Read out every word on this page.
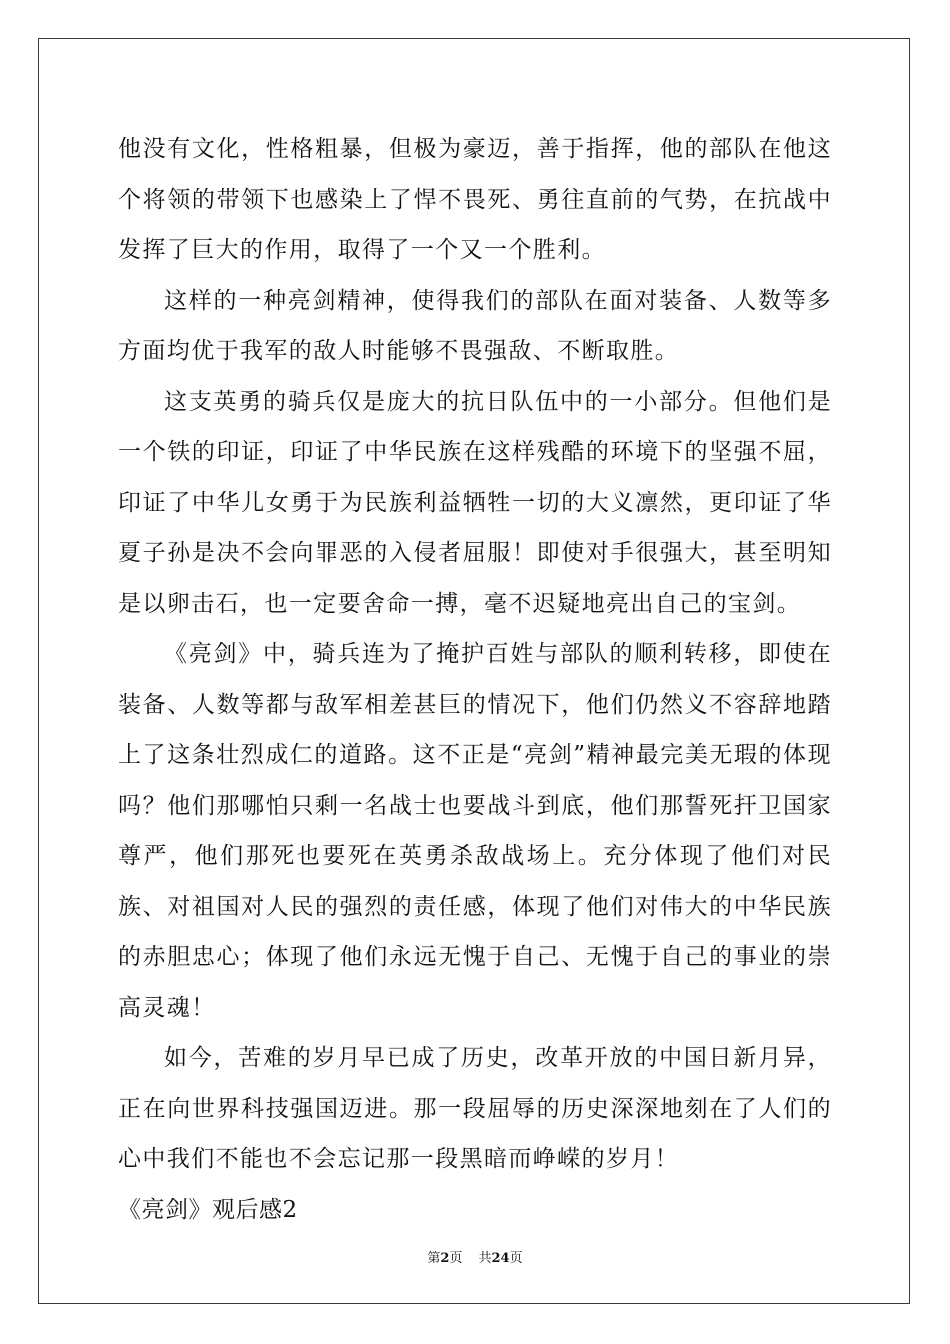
他没有文化，性格粗暴，但极为豪迈，善于指挥，他的部队在他这个将领的带领下也感染上了悍不畏死、勇往直前的气势，在抗战中发挥了巨大的作用，取得了一个又一个胜利。

这样的一种亮剑精神，使得我们的部队在面对装备、人数等多方面均优于我军的敌人时能够不畏强敌、不断取胜。

这支英勇的骑兵仅是庞大的抗日队伍中的一小部分。但他们是一个铁的印证，印证了中华民族在这样残酷的环境下的坚强不屈，印证了中华儿女勇于为民族利益牺牲一切的大义凛然，更印证了华夏子孙是决不会向罪恶的入侵者屈服！即使对手很强大，甚至明知是以卵击石，也一定要舍命一搏，毫不迟疑地亮出自己的宝剑。

《亮剑》中，骑兵连为了掩护百姓与部队的顺利转移，即使在装备、人数等都与敌军相差甚巨的情况下，他们仍然义不容辞地踏上了这条壮烈成仁的道路。这不正是“亮剑”精神最完美无瑕的体现吗？他们那哪怕只剩一名战士也要战斗到底，他们那誓死扞卫国家尊严，他们那死也要死在英勇杀敌战场上。充分体现了他们对民族、对祖国对人民的强烈的责任感，体现了他们对伟大的中华民族的赤胆忠心；体现了他们永远无愧于自己、无愧于自己的事业的崇高灵魂！

如今，苦难的岁月早已成了历史，改革开放的中国日新月异，正在向世界科技强国迈进。那一段屈辱的历史深深地刻在了人们的心中我们不能也不会忘记那一段黑暗而峥嵘的岁月！

《亮剑》观后感2

第2页 共24页
